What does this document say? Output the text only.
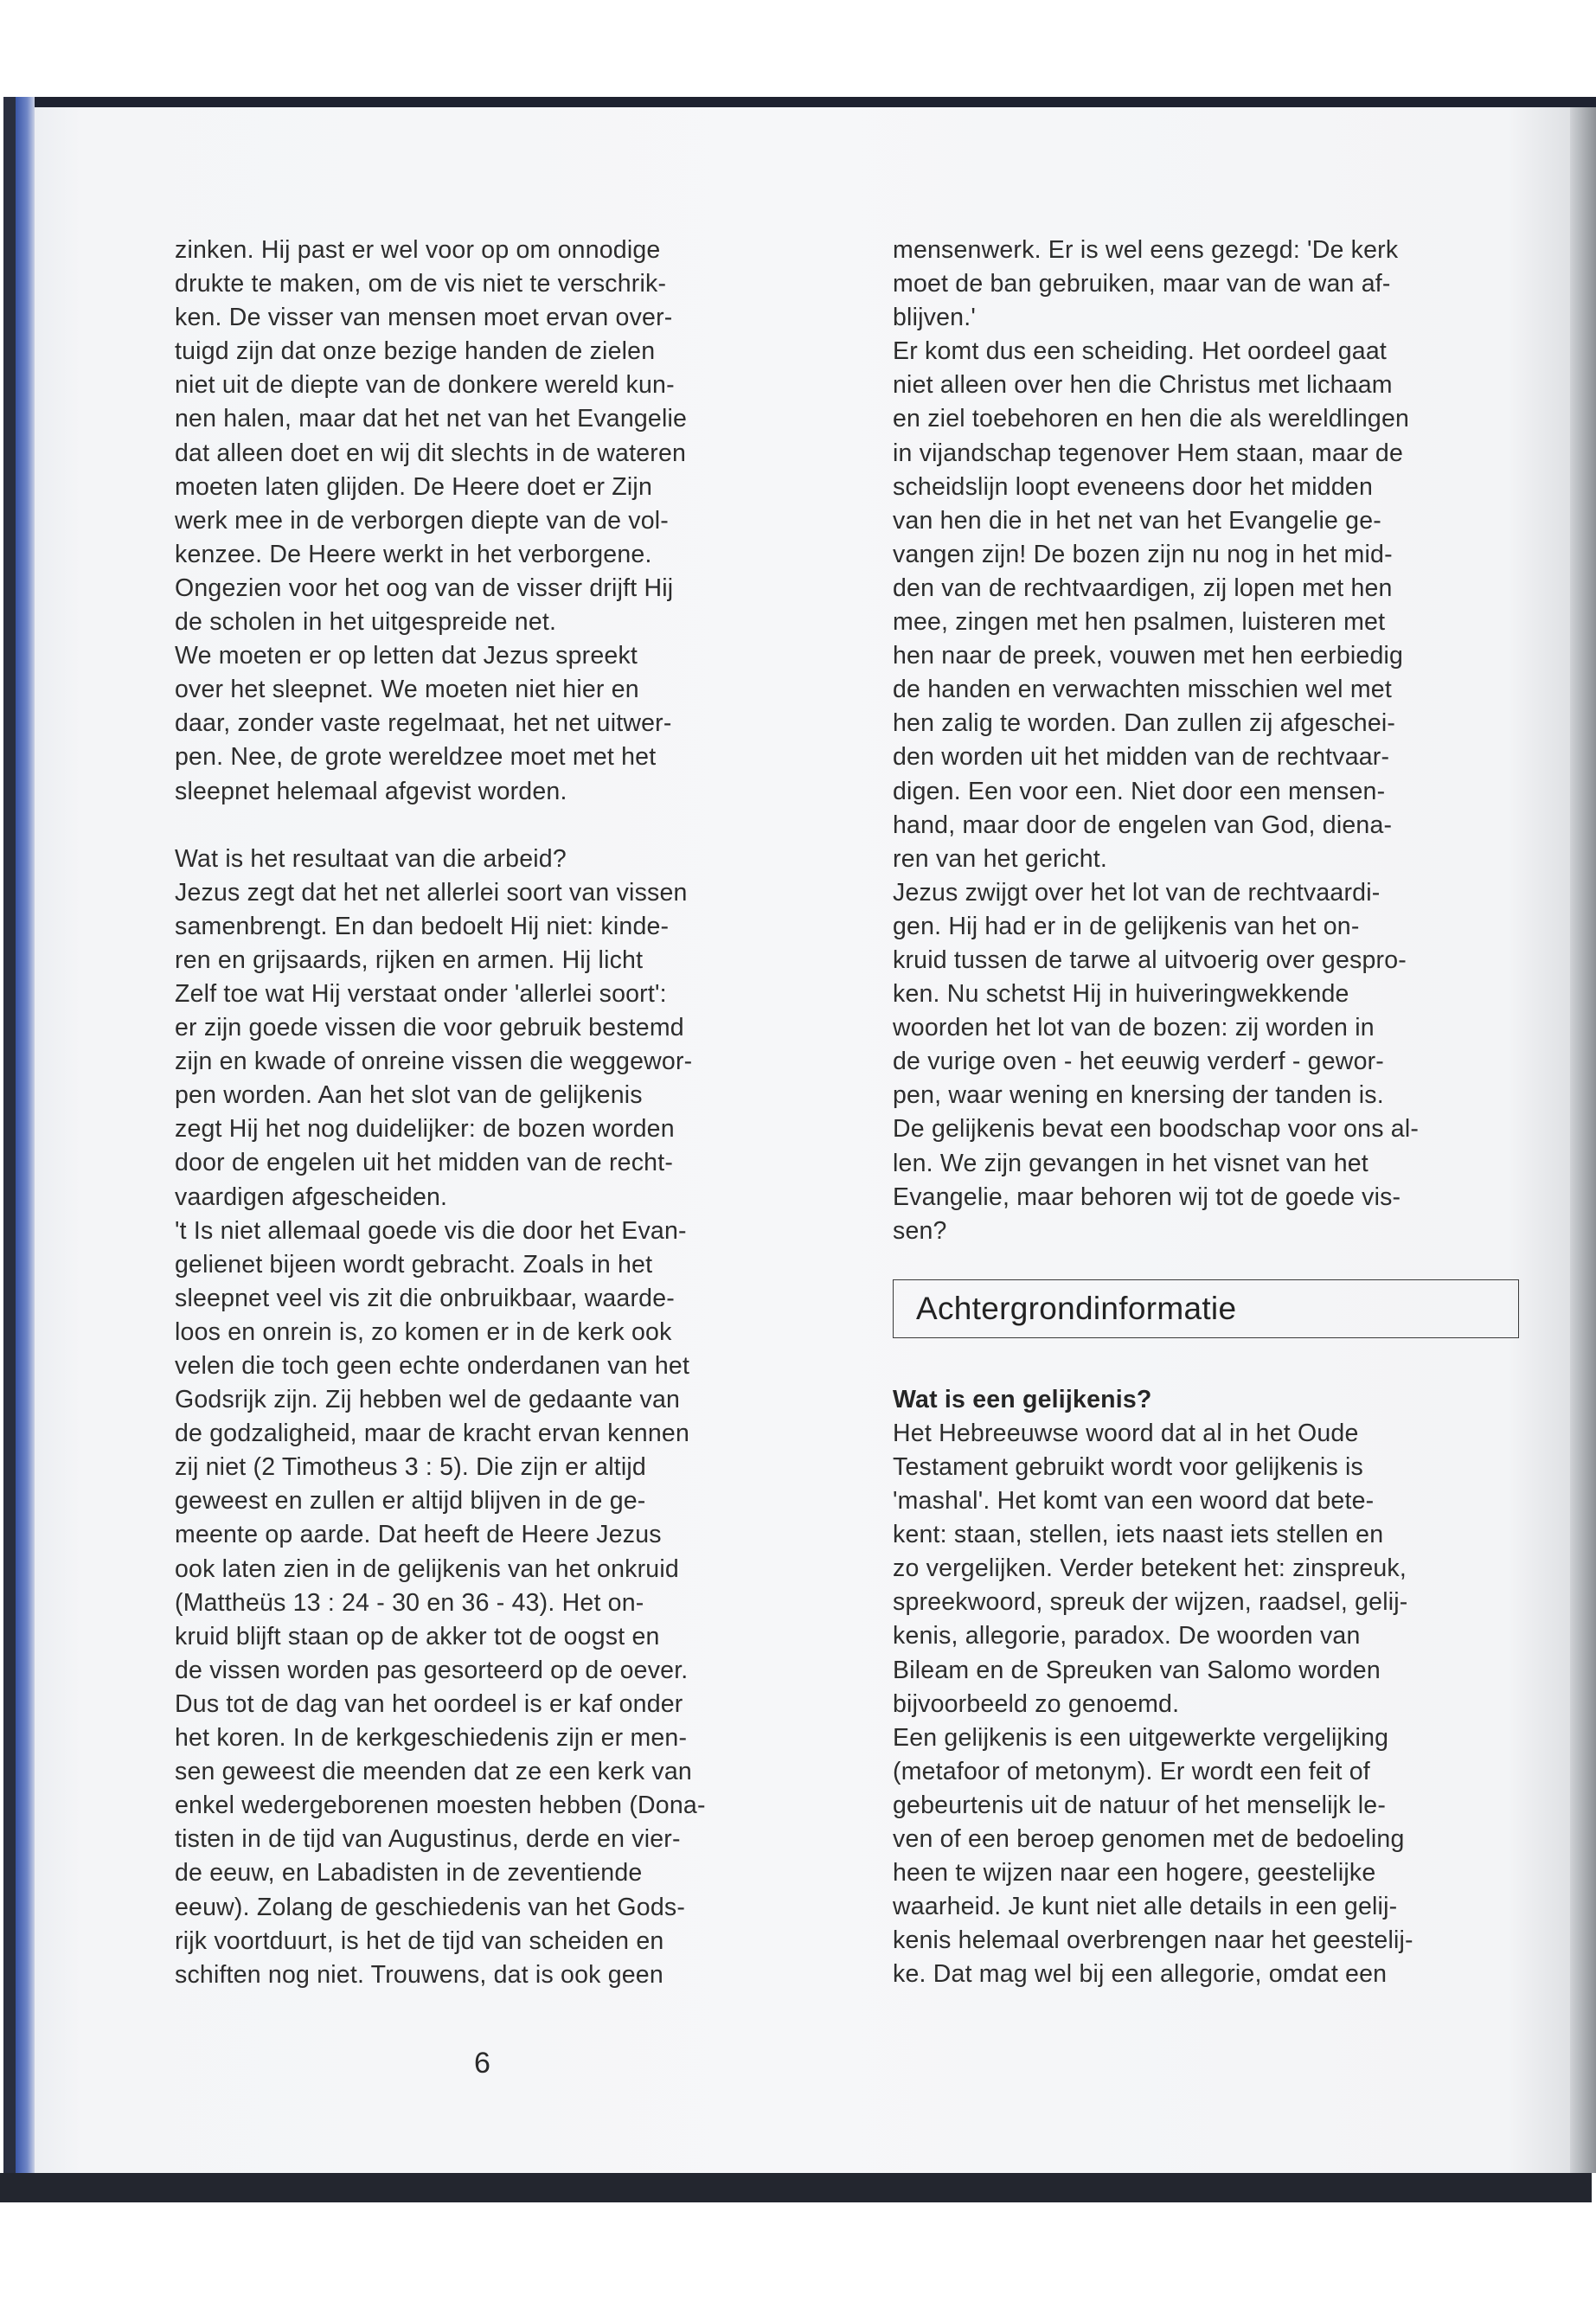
zinken. Hij past er wel voor op om onnodige

drukte te maken, om de vis niet te verschrik-

ken. De visser van mensen moet ervan over-

tuigd zijn dat onze bezige handen de zielen

niet uit de diepte van de donkere wereld kun-

nen halen, maar dat het net van het Evangelie

dat alleen doet en wij dit slechts in de wateren

moeten laten glijden. De Heere doet er Zijn

werk mee in de verborgen diepte van de vol-

kenzee. De Heere werkt in het verborgene.

Ongezien voor het oog van de visser drijft Hij

de scholen in het uitgespreide net.

We moeten er op letten dat Jezus spreekt

over het sleepnet. We moeten niet hier en

daar, zonder vaste regelmaat, het net uitwer-

pen. Nee, de grote wereldzee moet met het

sleepnet helemaal afgevist worden.

Wat is het resultaat van die arbeid?

Jezus zegt dat het net allerlei soort van vissen

samenbrengt. En dan bedoelt Hij niet: kinde-

ren en grijsaards, rijken en armen. Hij licht

Zelf toe wat Hij verstaat onder 'allerlei soort':

er zijn goede vissen die voor gebruik bestemd

zijn en kwade of onreine vissen die weggewor-

pen worden. Aan het slot van de gelijkenis

zegt Hij het nog duidelijker: de bozen worden

door de engelen uit het midden van de recht-

vaardigen afgescheiden.

't Is niet allemaal goede vis die door het Evan-

gelienet bijeen wordt gebracht. Zoals in het

sleepnet veel vis zit die onbruikbaar, waarde-

loos en onrein is, zo komen er in de kerk ook

velen die toch geen echte onderdanen van het

Godsrijk zijn. Zij hebben wel de gedaante van

de godzaligheid, maar de kracht ervan kennen

zij niet (2 Timotheus 3 : 5). Die zijn er altijd

geweest en zullen er altijd blijven in de ge-

meente op aarde. Dat heeft de Heere Jezus

ook laten zien in de gelijkenis van het onkruid

(Mattheüs 13 : 24 - 30 en 36 - 43). Het on-

kruid blijft staan op de akker tot de oogst en

de vissen worden pas gesorteerd op de oever.

Dus tot de dag van het oordeel is er kaf onder

het koren. In de kerkgeschiedenis zijn er men-

sen geweest die meenden dat ze een kerk van

enkel wedergeborenen moesten hebben (Dona-

tisten in de tijd van Augustinus, derde en vier-

de eeuw, en Labadisten in de zeventiende

eeuw). Zolang de geschiedenis van het Gods-

rijk voortduurt, is het de tijd van scheiden en

schiften nog niet. Trouwens, dat is ook geen

mensenwerk. Er is wel eens gezegd: 'De kerk

moet de ban gebruiken, maar van de wan af-

blijven.'

Er komt dus een scheiding. Het oordeel gaat

niet alleen over hen die Christus met lichaam

en ziel toebehoren en hen die als wereldlingen

in vijandschap tegenover Hem staan, maar de

scheidslijn loopt eveneens door het midden

van hen die in het net van het Evangelie ge-

vangen zijn! De bozen zijn nu nog in het mid-

den van de rechtvaardigen, zij lopen met hen

mee, zingen met hen psalmen, luisteren met

hen naar de preek, vouwen met hen eerbiedig

de handen en verwachten misschien wel met

hen zalig te worden. Dan zullen zij afgeschei-

den worden uit het midden van de rechtvaar-

digen. Een voor een. Niet door een mensen-

hand, maar door de engelen van God, diena-

ren van het gericht.

Jezus zwijgt over het lot van de rechtvaardi-

gen. Hij had er in de gelijkenis van het on-

kruid tussen de tarwe al uitvoerig over gespro-

ken. Nu schetst Hij in huiveringwekkende

woorden het lot van de bozen: zij worden in

de vurige oven - het eeuwig verderf - gewor-

pen, waar wening en knersing der tanden is.

De gelijkenis bevat een boodschap voor ons al-

len. We zijn gevangen in het visnet van het

Evangelie, maar behoren wij tot de goede vis-

sen?

Achtergrondinformatie

Wat is een gelijkenis?

Het Hebreeuwse woord dat al in het Oude

Testament gebruikt wordt voor gelijkenis is

'mashal'. Het komt van een woord dat bete-

kent: staan, stellen, iets naast iets stellen en

zo vergelijken. Verder betekent het: zinspreuk,

spreekwoord, spreuk der wijzen, raadsel, gelij-

kenis, allegorie, paradox. De woorden van

Bileam en de Spreuken van Salomo worden

bijvoorbeeld zo genoemd.

Een gelijkenis is een uitgewerkte vergelijking

(metafoor of metonym). Er wordt een feit of

gebeurtenis uit de natuur of het menselijk le-

ven of een beroep genomen met de bedoeling

heen te wijzen naar een hogere, geestelijke

waarheid. Je kunt niet alle details in een gelij-

kenis helemaal overbrengen naar het geestelij-

ke. Dat mag wel bij een allegorie, omdat een

6
